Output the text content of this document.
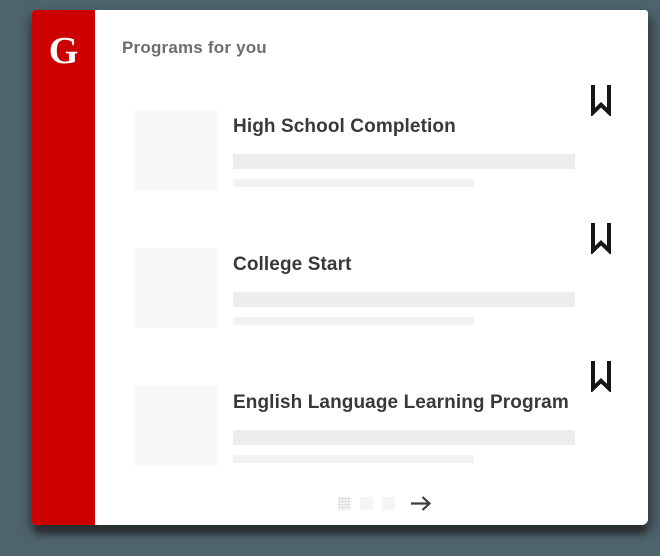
G	Programs for you
High School Completion
College Start
English Language Learning Program
